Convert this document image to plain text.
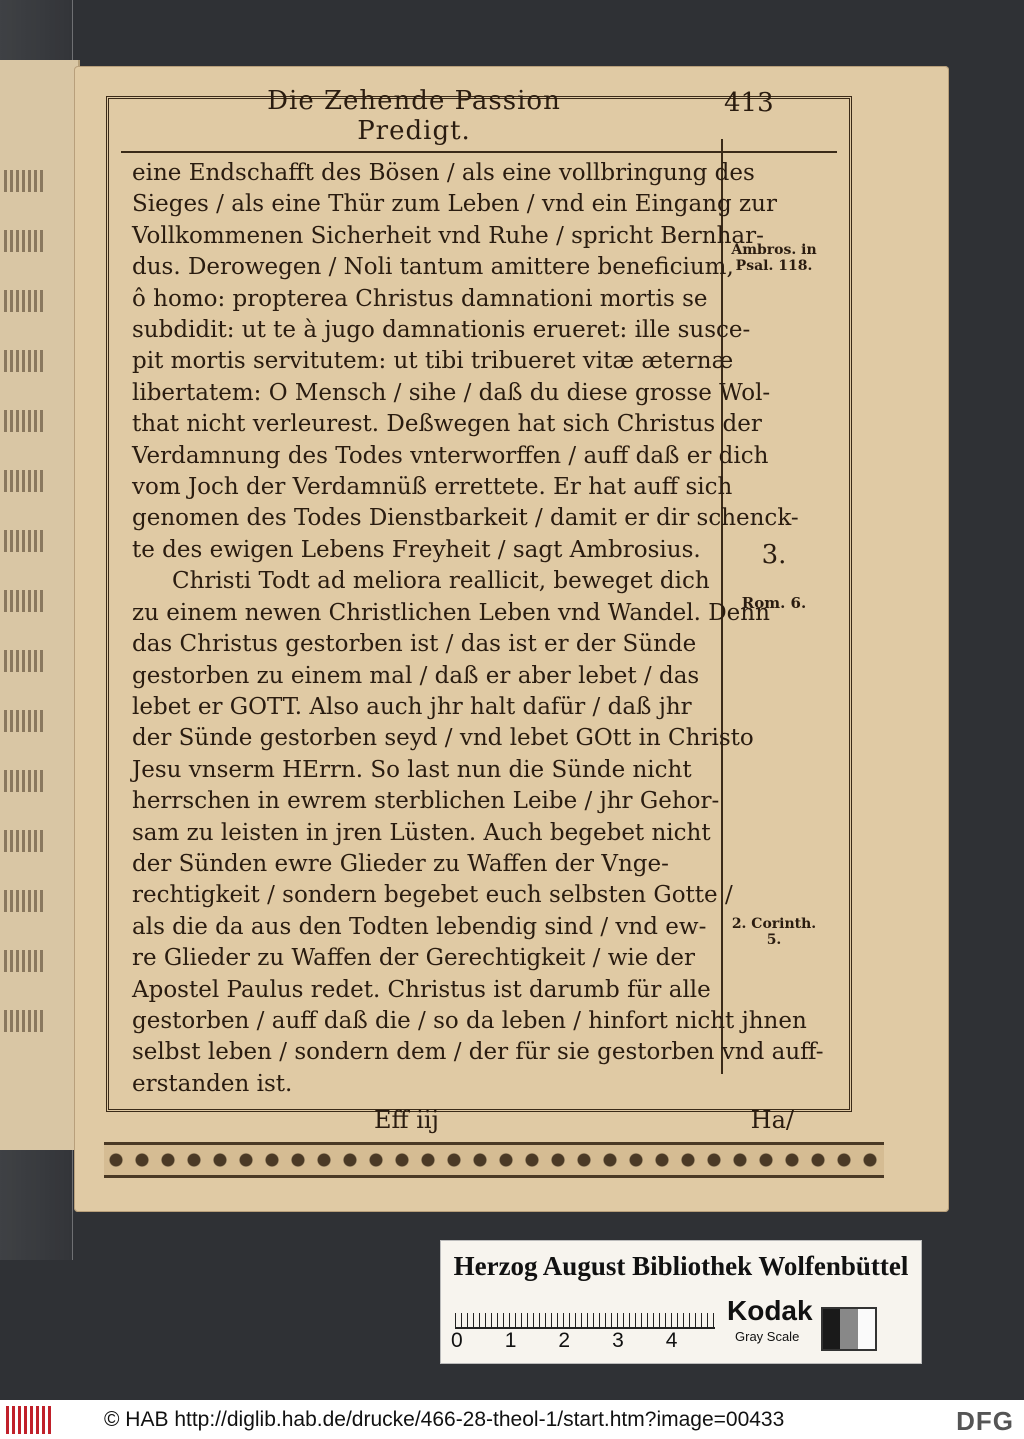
Die Zehende Passion Predigt.
413
eine Endschafft des Bösen / als eine vollbringung des
Sieges / als eine Thür zum Leben / vnd ein Eingang zur
Vollkommenen Sicherheit vnd Ruhe / spricht Bernhar-
dus. Derowegen / Noli tantum amittere beneficium,
ô homo: propterea Christus damnationi mortis se
subdidit: ut te à jugo damnationis erueret: ille susce-
pit mortis servitutem: ut tibi tribueret vitæ æternæ
libertatem: O Mensch / sihe / daß du diese grosse Wol-
that nicht verleurest. Deßwegen hat sich Christus der
Verdamnung des Todes vnterworffen / auff daß er dich
vom Joch der Verdamnüß errettete. Er hat auff sich
genomen des Todes Dienstbarkeit / damit er dir schenck-
te des ewigen Lebens Freyheit / sagt Ambrosius.
Christi Todt ad meliora reallicit, beweget dich
zu einem newen Christlichen Leben vnd Wandel. Denn
das Christus gestorben ist / das ist er der Sünde
gestorben zu einem mal / daß er aber lebet / das
lebet er GOTT. Also auch jhr halt dafür / daß jhr
der Sünde gestorben seyd / vnd lebet GOtt in Christo
Jesu vnserm HErrn. So last nun die Sünde nicht
herrschen in ewrem sterblichen Leibe / jhr Gehor-
sam zu leisten in jren Lüsten. Auch begebet nicht
der Sünden ewre Glieder zu Waffen der Vnge-
rechtigkeit / sondern begebet euch selbsten Gotte /
als die da aus den Todten lebendig sind / vnd ew-
re Glieder zu Waffen der Gerechtigkeit / wie der
Apostel Paulus redet. Christus ist darumb für alle
gestorben / auff daß die / so da leben / hinfort nicht jhnen
selbst leben / sondern dem / der für sie gestorben vnd auff-
erstanden ist.
Ambros. in Psal. 118.
3.
Rom. 6.
2. Corinth. 5.
Eff iij	Ha/
Herzog August Bibliothek Wolfenbüttel
0 1 2 3 4
Kodak
Gray Scale
© HAB http://diglib.hab.de/drucke/466-28-theol-1/start.htm?image=00433	DFG
